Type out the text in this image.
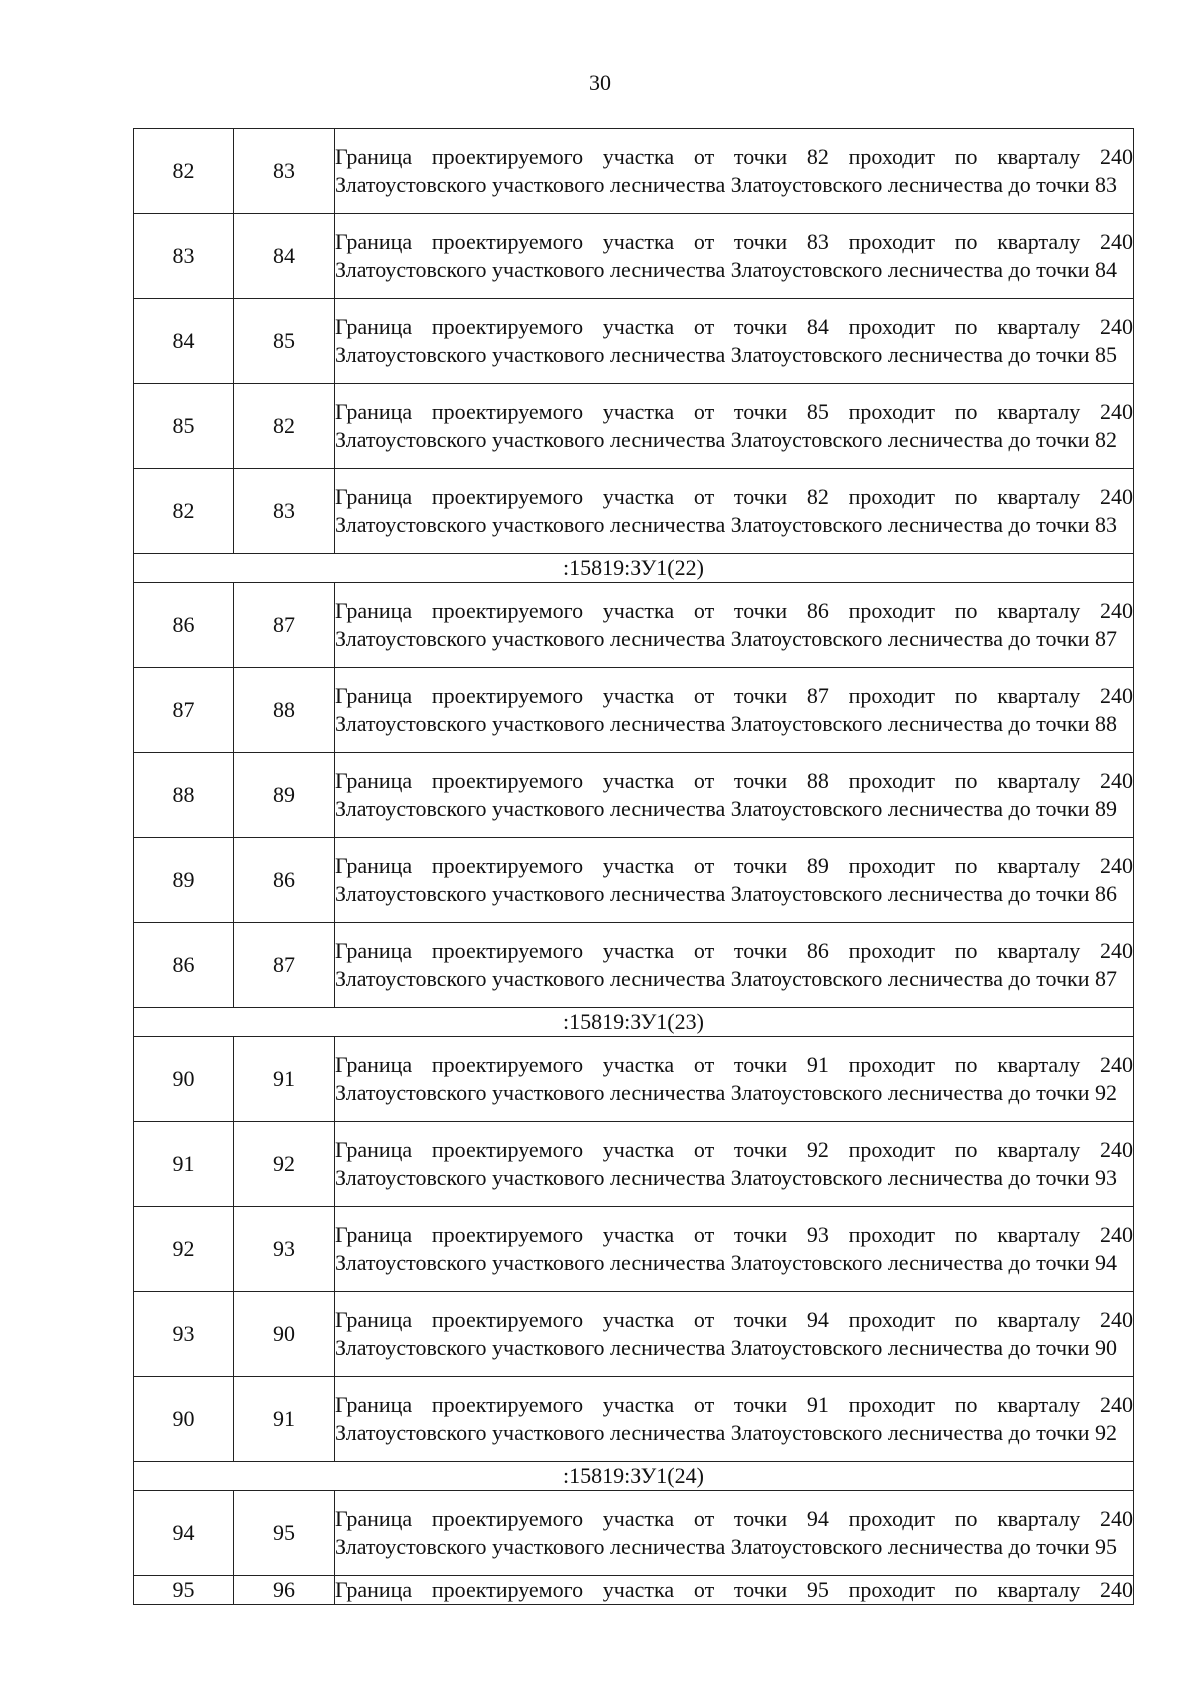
30
82	83	Граница проектируемого участка от точки 82 проходит по кварталу 240 Златоустовского участкового лесничества Златоустовского лесничества до точки 83
83	84	Граница проектируемого участка от точки 83 проходит по кварталу 240 Златоустовского участкового лесничества Златоустовского лесничества до точки 84
84	85	Граница проектируемого участка от точки 84 проходит по кварталу 240 Златоустовского участкового лесничества Златоустовского лесничества до точки 85
85	82	Граница проектируемого участка от точки 85 проходит по кварталу 240 Златоустовского участкового лесничества Златоустовского лесничества до точки 82
82	83	Граница проектируемого участка от точки 82 проходит по кварталу 240 Златоустовского участкового лесничества Златоустовского лесничества до точки 83
:15819:ЗУ1(22)		
86	87	Граница проектируемого участка от точки 86 проходит по кварталу 240 Златоустовского участкового лесничества Златоустовского лесничества до точки 87
87	88	Граница проектируемого участка от точки 87 проходит по кварталу 240 Златоустовского участкового лесничества Златоустовского лесничества до точки 88
88	89	Граница проектируемого участка от точки 88 проходит по кварталу 240 Златоустовского участкового лесничества Златоустовского лесничества до точки 89
89	86	Граница проектируемого участка от точки 89 проходит по кварталу 240 Златоустовского участкового лесничества Златоустовского лесничества до точки 86
86	87	Граница проектируемого участка от точки 86 проходит по кварталу 240 Златоустовского участкового лесничества Златоустовского лесничества до точки 87
:15819:ЗУ1(23)		
90	91	Граница проектируемого участка от точки 91 проходит по кварталу 240 Златоустовского участкового лесничества Златоустовского лесничества до точки 92
91	92	Граница проектируемого участка от точки 92 проходит по кварталу 240 Златоустовского участкового лесничества Златоустовского лесничества до точки 93
92	93	Граница проектируемого участка от точки 93 проходит по кварталу 240 Златоустовского участкового лесничества Златоустовского лесничества до точки 94
93	90	Граница проектируемого участка от точки 94 проходит по кварталу 240 Златоустовского участкового лесничества Златоустовского лесничества до точки 90
90	91	Граница проектируемого участка от точки 91 проходит по кварталу 240 Златоустовского участкового лесничества Златоустовского лесничества до точки 92
:15819:ЗУ1(24)		
94	95	Граница проектируемого участка от точки 94 проходит по кварталу 240 Златоустовского участкового лесничества Златоустовского лесничества до точки 95
95	96	Граница проектируемого участка от точки 95 проходит по кварталу 240
